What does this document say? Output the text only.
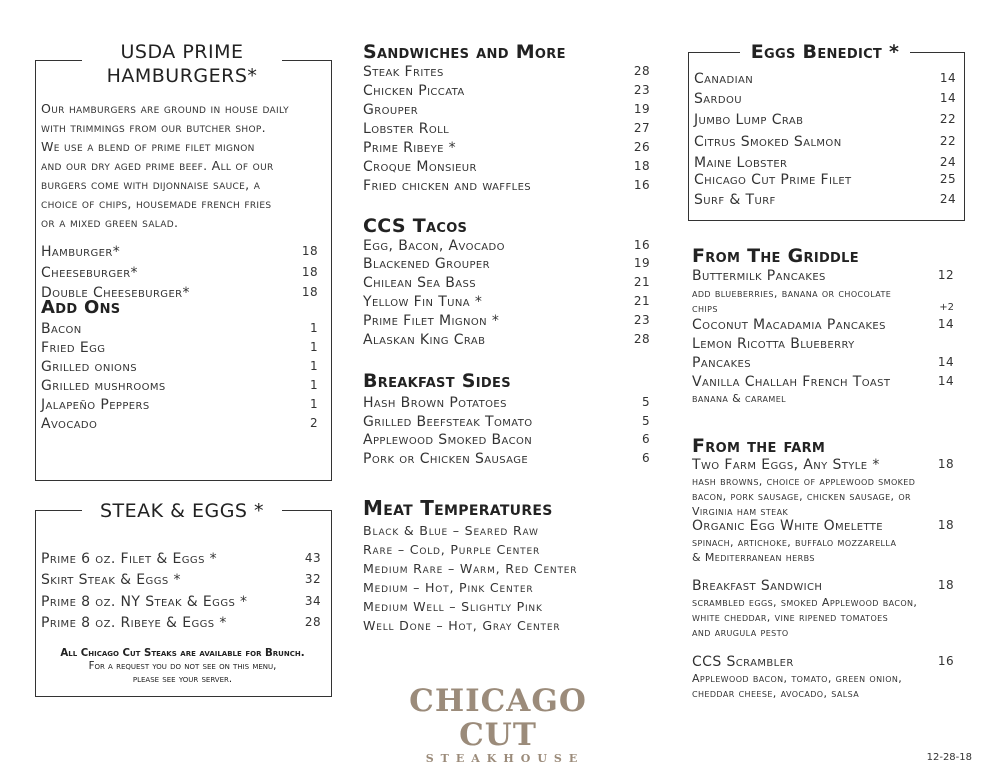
USDA PRIME
HAMBURGERS*
Our hamburgers are ground in house daily
with trimmings from our butcher shop.
We use a blend of prime filet mignon
and our dry aged prime beef. All of our
burgers come with dijonnaise sauce, a
choice of chips, housemade french fries
or a mixed green salad.
Hamburger*	18
Cheeseburger*	18
Double Cheeseburger*	18
Add Ons
Bacon	1
Fried Egg	1
Grilled onions	1
Grilled mushrooms	1
Jalapeño Peppers	1
Avocado	2
STEAK & EGGS *
Prime 6 oz. Filet & Eggs *	43
Skirt Steak & Eggs *	32
Prime 8 oz. NY Steak & Eggs *	34
Prime 8 oz. Ribeye & Eggs *	28
All Chicago Cut Steaks are available for Brunch.
For a request you do not see on this menu,
please see your server.
Sandwiches and More
Steak Frites	28
Chicken Piccata	23
Grouper	19
Lobster Roll	27
Prime Ribeye *	26
Croque Monsieur	18
Fried chicken and waffles	16
CCS Tacos
Egg, Bacon, Avocado	16
Blackened Grouper	19
Chilean Sea Bass	21
Yellow Fin Tuna *	21
Prime Filet Mignon *	23
Alaskan King Crab	28
Breakfast Sides
Hash Brown Potatoes	5
Grilled Beefsteak Tomato	5
Applewood Smoked Bacon	6
Pork or Chicken Sausage	6
Meat Temperatures
Black & Blue – Seared Raw
Rare – Cold, Purple Center
Medium Rare – Warm, Red Center
Medium – Hot, Pink Center
Medium Well – Slightly Pink
Well Done – Hot, Gray Center
CHICAGO CUT
STEAKHOUSE
Eggs Benedict *
Canadian	14
Sardou	14
Jumbo Lump Crab	22
Citrus Smoked Salmon	22
Maine Lobster	24
Chicago Cut Prime Filet	25
Surf & Turf	24
From The Griddle
Buttermilk Pancakes	12
add blueberries, banana or chocolate
chips	+2
Coconut Macadamia Pancakes	14
Lemon Ricotta Blueberry
Pancakes	14
Vanilla Challah French Toast	14
banana & caramel
From the farm
Two Farm Eggs, Any Style *	18
hash browns, choice of applewood smoked
bacon, pork sausage, chicken sausage, or
Virginia ham steak
Organic Egg White Omelette	18
spinach, artichoke, buffalo mozzarella
& Mediterranean herbs
Breakfast Sandwich	18
scrambled eggs, smoked Applewood bacon,
white cheddar, vine ripened tomatoes
and arugula pesto
CCS Scrambler	16
Applewood bacon, tomato, green onion,
cheddar cheese, avocado, salsa
12-28-18
